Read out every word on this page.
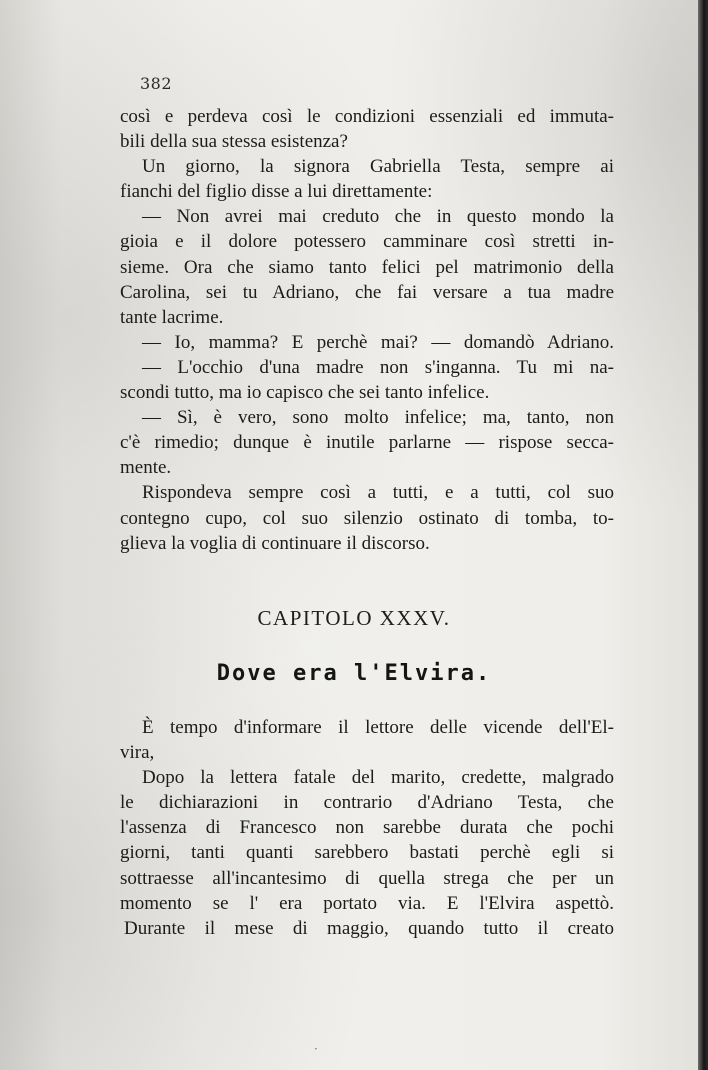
382
così e perdeva così le condizioni essenziali ed immuta-
bili della sua stessa esistenza?
Un giorno, la signora Gabriella Testa, sempre ai
fianchi del figlio disse a lui direttamente:
— Non avrei mai creduto che in questo mondo la
gioia e il dolore potessero camminare così stretti in-
sieme. Ora che siamo tanto felici pel matrimonio della
Carolina, sei tu Adriano, che fai versare a tua madre
tante lacrime.
— Io, mamma? E perchè mai? — domandò Adriano.
— L'occhio d'una madre non s'inganna. Tu mi na-
scondi tutto, ma io capisco che sei tanto infelice.
— Sì, è vero, sono molto infelice; ma, tanto, non
c'è rimedio; dunque è inutile parlarne — rispose secca-
mente.
Rispondeva sempre così a tutti, e a tutti, col suo
contegno cupo, col suo silenzio ostinato di tomba, to-
glieva la voglia di continuare il discorso.
CAPITOLO XXXV.
Dove era l'Elvira.
È tempo d'informare il lettore delle vicende dell'El-
vira,
Dopo la lettera fatale del marito, credette, malgrado
le dichiarazioni in contrario d'Adriano Testa, che
l'assenza di Francesco non sarebbe durata che pochi
giorni, tanti quanti sarebbero bastati perchè egli si
sottraesse all'incantesimo di quella strega che per un
momento se l' era portato via. E l'Elvira aspettò.
Durante il mese di maggio, quando tutto il creato
·
